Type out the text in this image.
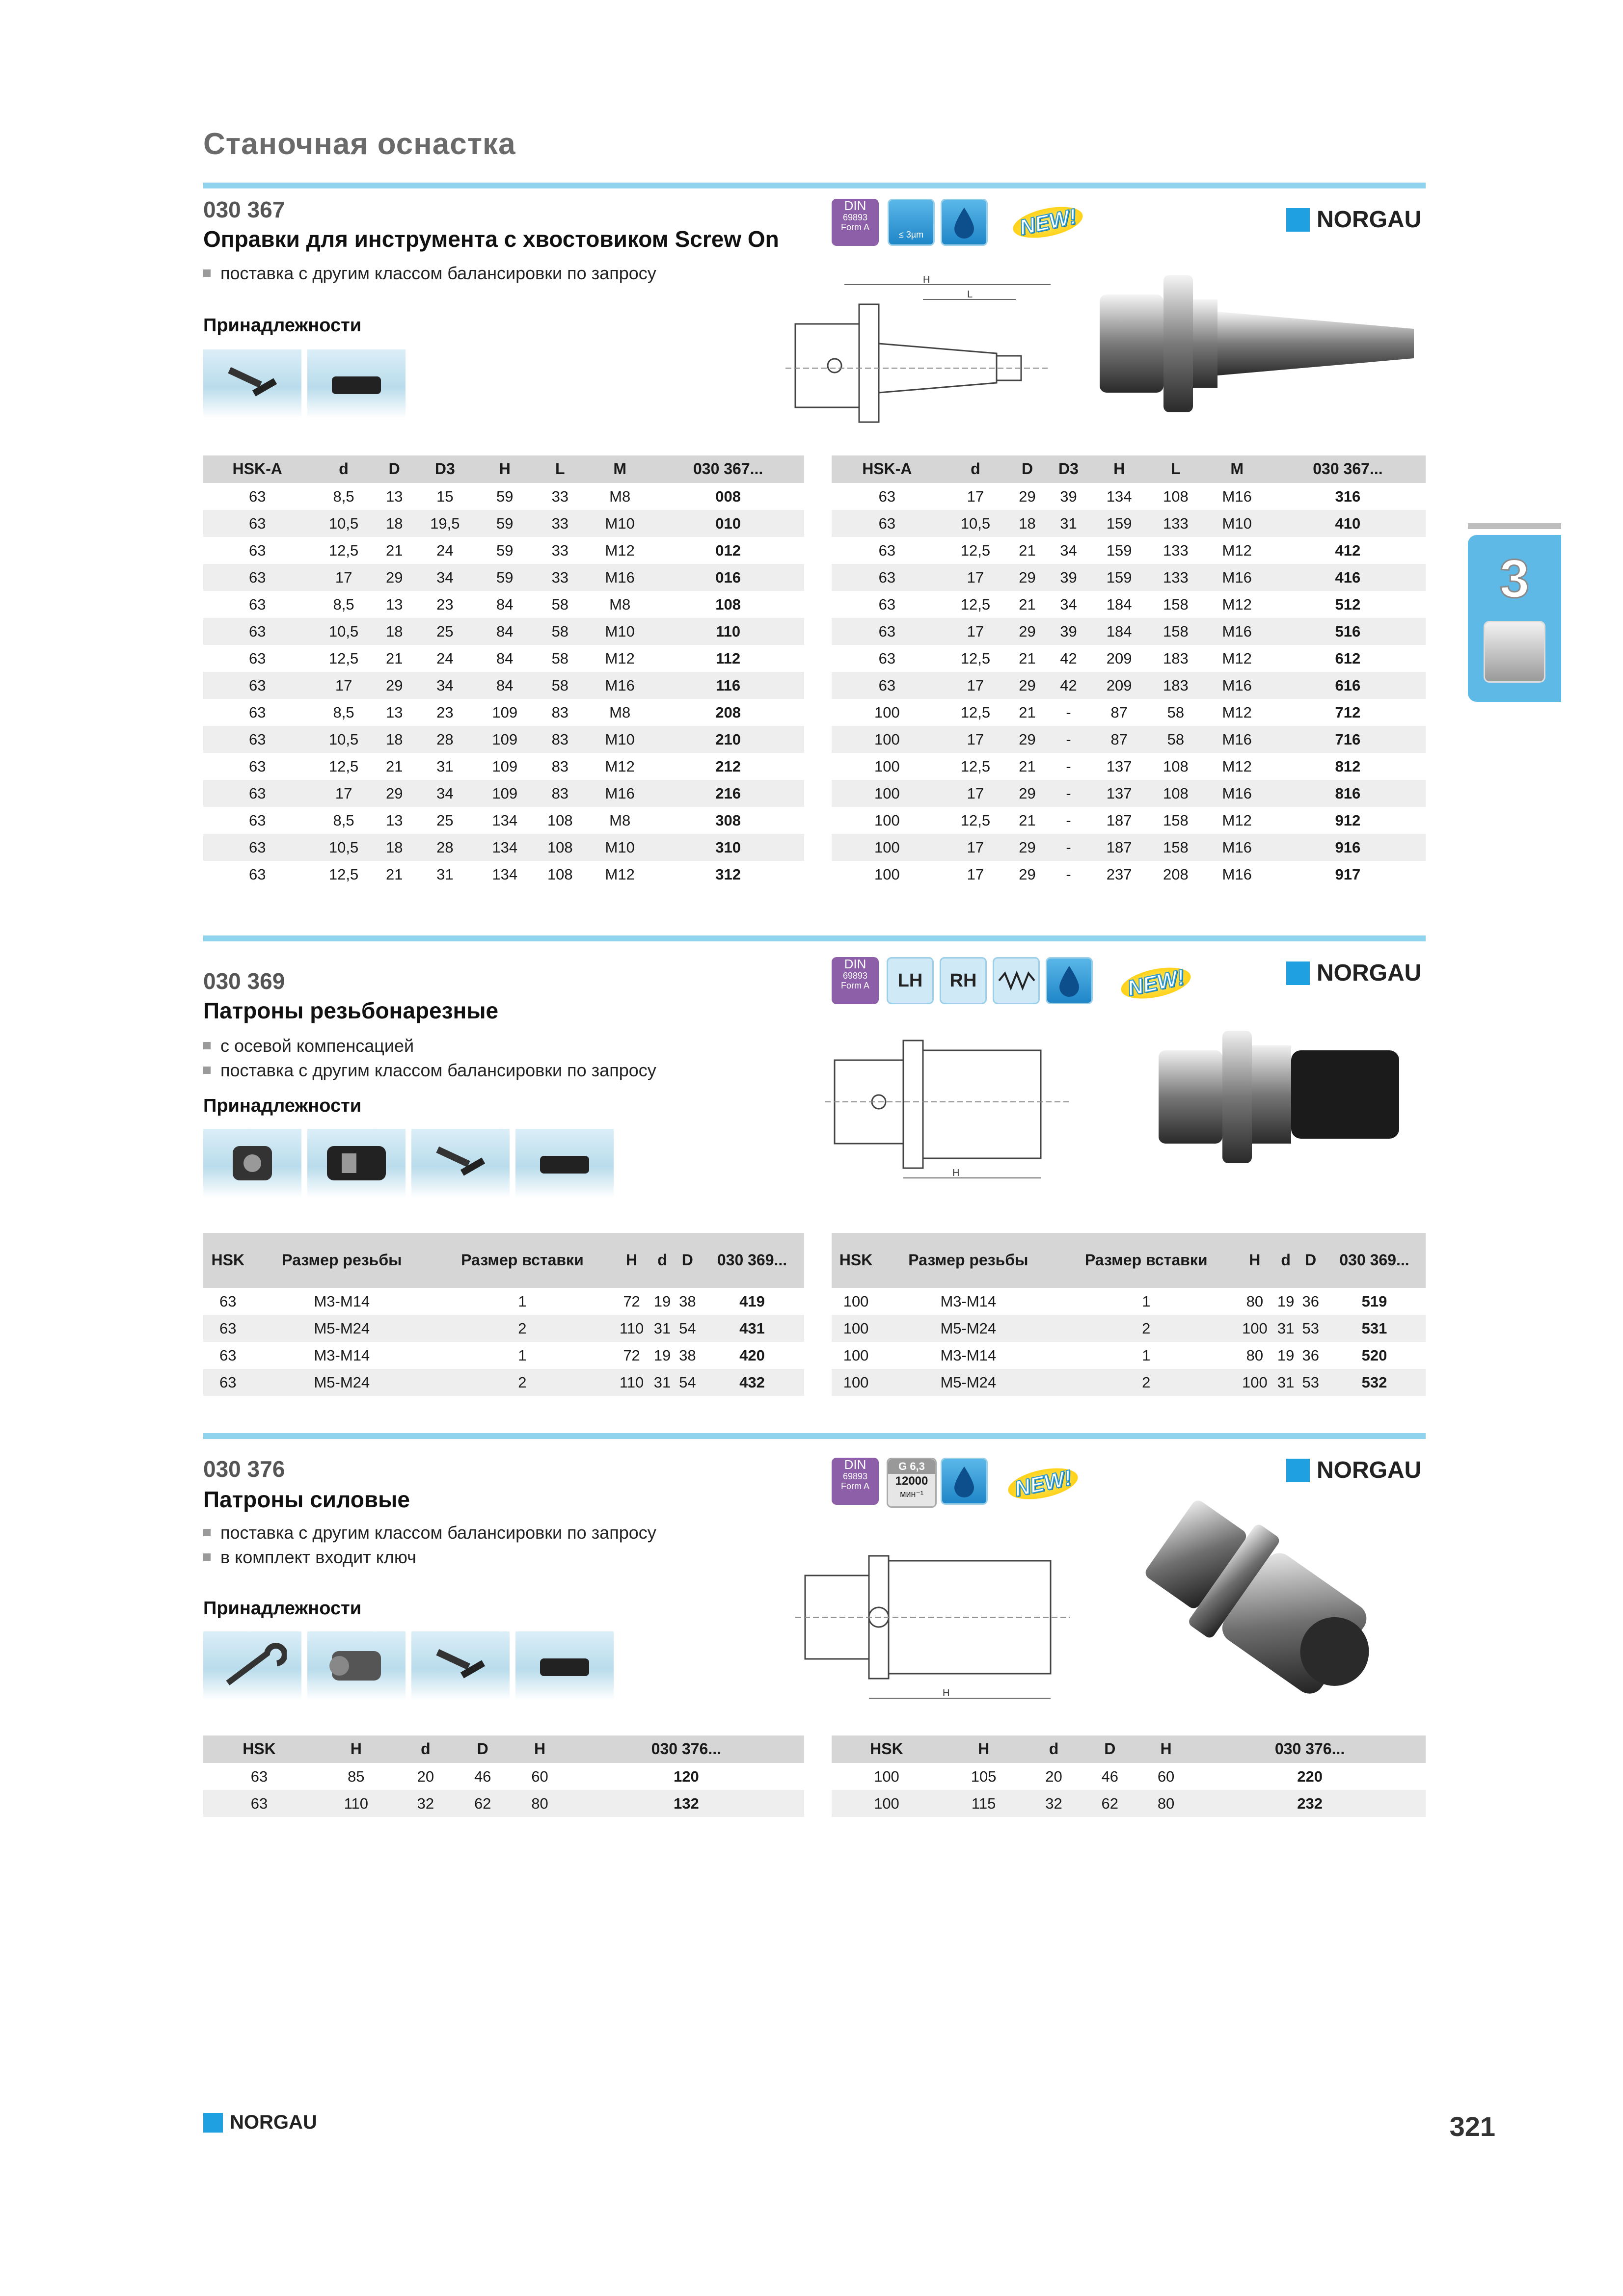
Станочная оснастка
3
030 367
Оправки для инструмента с хвостовиком Screw On
поставка с другим классом балансировки по запросу
Принадлежности
DIN
69893
Form A
≤ 3µm	NEW!	NORGAU
H
L
HSK-A	d	D	D3	H	L	M	030 367...
63	8,5	13	15	59	33	M8	008
63	10,5	18	19,5	59	33	M10	010
63	12,5	21	24	59	33	M12	012
63	17	29	34	59	33	M16	016
63	8,5	13	23	84	58	M8	108
63	10,5	18	25	84	58	M10	110
63	12,5	21	24	84	58	M12	112
63	17	29	34	84	58	M16	116
63	8,5	13	23	109	83	M8	208
63	10,5	18	28	109	83	M10	210
63	12,5	21	31	109	83	M12	212
63	17	29	34	109	83	M16	216
63	8,5	13	25	134	108	M8	308
63	10,5	18	28	134	108	M10	310
63	12,5	21	31	134	108	M12	312
HSK-A	d	D	D3	H	L	M	030 367...
63	17	29	39	134	108	M16	316
63	10,5	18	31	159	133	M10	410
63	12,5	21	34	159	133	M12	412
63	17	29	39	159	133	M16	416
63	12,5	21	34	184	158	M12	512
63	17	29	39	184	158	M16	516
63	12,5	21	42	209	183	M12	612
63	17	29	42	209	183	M16	616
100	12,5	21	-	87	58	M12	712
100	17	29	-	87	58	M16	716
100	12,5	21	-	137	108	M12	812
100	17	29	-	137	108	M16	816
100	12,5	21	-	187	158	M12	912
100	17	29	-	187	158	M16	916
100	17	29	-	237	208	M16	917
030 369
Патроны резьбонарезные
с осевой компенсацией
поставка с другим классом балансировки по запросу
Принадлежности
DIN
69893
Form A	LH	RH	NEW!	NORGAU
H
HSK	Размер резьбы	Размер вставки	H	d	D	030 369...
63	M3-M14	1	72	19	38	419
63	M5-M24	2	110	31	54	431
63	M3-M14	1	72	19	38	420
63	M5-M24	2	110	31	54	432
HSK	Размер резьбы	Размер вставки	H	d	D	030 369...
100	M3-M14	1	80	19	36	519
100	M5-M24	2	100	31	53	531
100	M3-M14	1	80	19	36	520
100	M5-M24	2	100	31	53	532
030 376
Патроны силовые
поставка с другим классом балансировки по запросу
в комплект входит ключ
Принадлежности
DIN
69893
Form A
G 6,3
12000
мин⁻¹	NEW!	NORGAU
H
HSK	H	d	D	H	030 376...
63	85	20	46	60	120
63	110	32	62	80	132
HSK	H	d	D	H	030 376...
100	105	20	46	60	220
100	115	32	62	80	232
NORGAU	321
